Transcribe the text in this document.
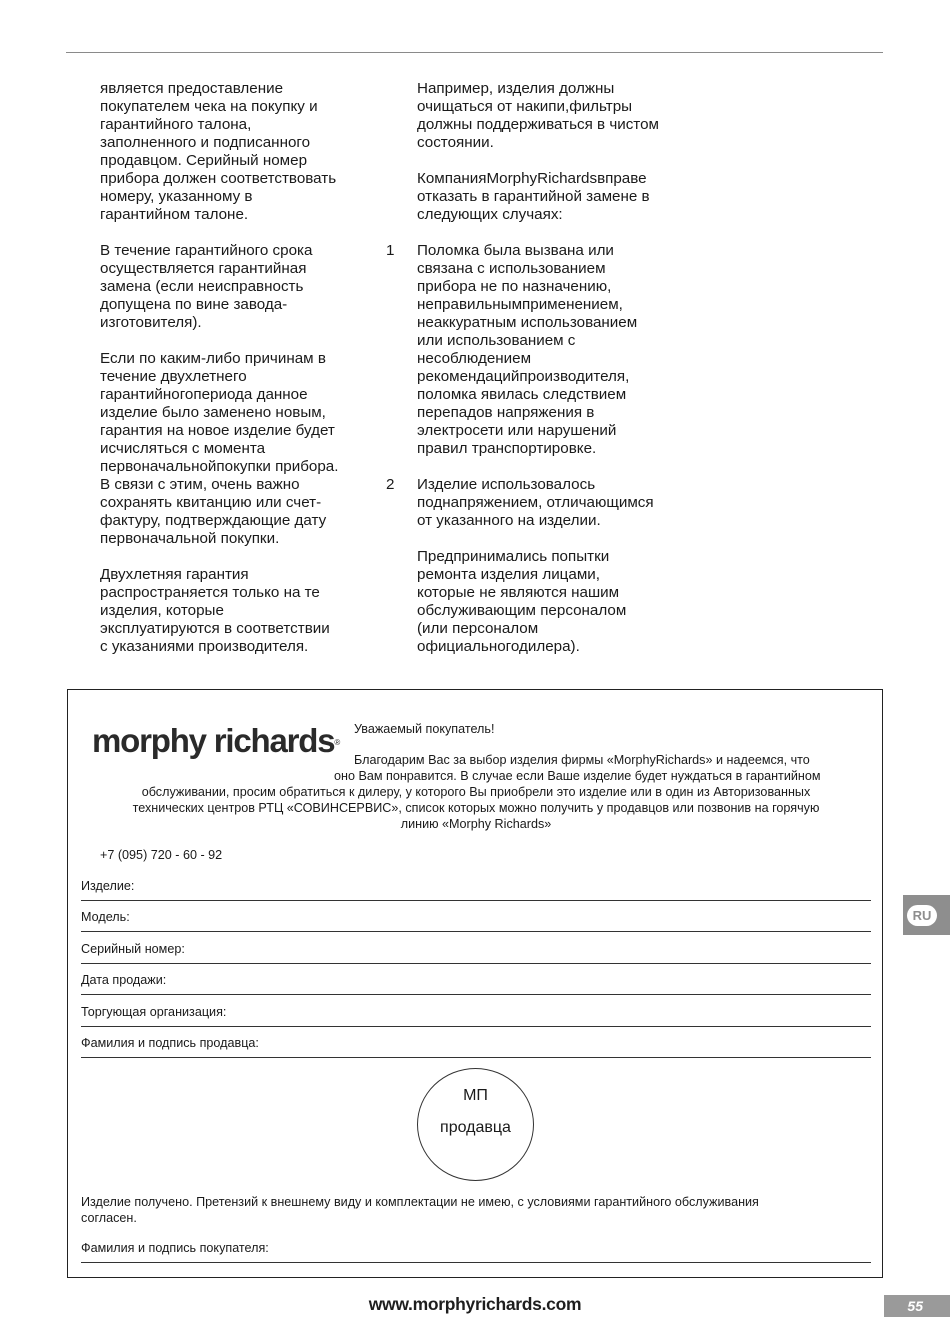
является предоставление
покупателем чека на покупку и
гарантийного талона,
заполненного и подписанного
продавцом. Серийный номер
прибора должен соответствовать
номеру, указанному в
гарантийном талоне.

В течение гарантийного срока
осуществляется гарантийная
замена (если неисправность
допущена по вине завода-
изготовителя).

Если по каким-либо причинам в
течение двухлетнего
гарантийногопериода данное
изделие было заменено новым,
гарантия на новое изделие будет
исчисляться с момента
первоначальнойпокупки прибора.
В связи с этим, очень важно
сохранять квитанцию или счет-
фактуру, подтверждающие дату
первоначальной покупки.

Двухлетняя гарантия
распространяется только на те
изделия, которые
эксплуатируются в соответствии
с указаниями производителя.

Например, изделия должны
очищаться от накипи,фильтры
должны поддерживаться в чистом
состоянии.

КомпанияMorphyRichardsвправе
отказать в гарантийной замене в
следующих случаях:

1 Поломка была вызвана или
связана с использованием
прибора не по назначению,
неправильнымприменением,
неаккуратным использованием
или использованием с
несоблюдением
рекомендацийпроизводителя,
поломка явилась следствием
перепадов напряжения в
электросети или нарушений
правил транспортировке.

2 Изделие использовалось
поднапряжением, отличающимся
от указанного на изделии.

Предпринимались попытки
ремонта изделия лицами,
которые не являются нашим
обслуживающим персоналом
(или персоналом
официальногодилера).

morphy richards®
Уважаемый покупатель!
Благодарим Вас за выбор изделия фирмы «MorphyRichards» и надеемся, что
оно Вам понравится. В случае если Ваше изделие будет нуждаться в гарантийном
обслуживании, просим обратиться к дилеру, у которого Вы приобрели это изделие или в один из Авторизованных
технических центров РТЦ «СОВИНСЕРВИС», список которых можно получить у продавцов или позвонив на горячую
линию «Morphy Richards»
+7 (095) 720 - 60 - 92
Изделие:
Модель:
Серийный номер:
Дата продажи:
Торгующая организация:
Фамилия и подпись продавца:
МП
продавца
Изделие получено. Претензий к внешнему виду и комплектации не имею, с условиями гарантийного обслуживания
согласен.
Фамилия и подпись покупателя:
RU
www.morphyrichards.com	55
